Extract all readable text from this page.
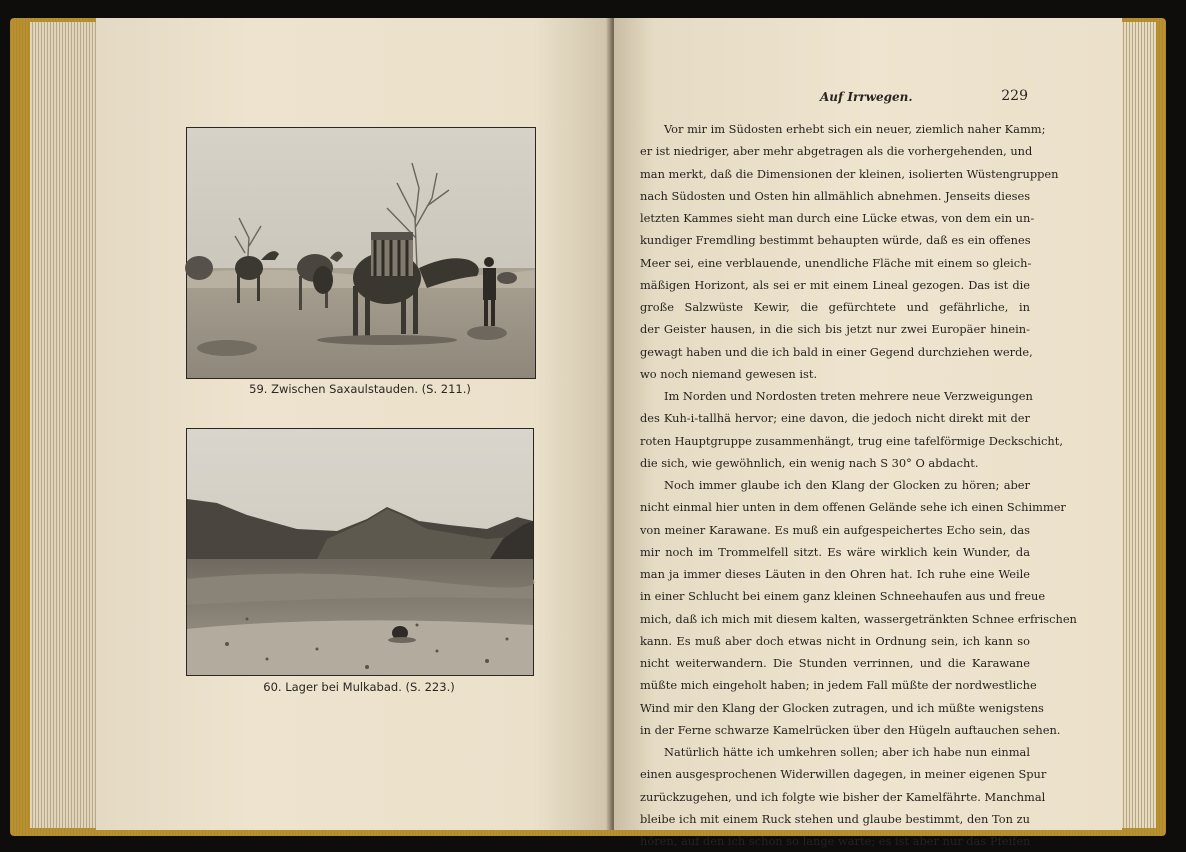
59. Zwischen Saxaulstauden. (S. 211.)
60. Lager bei Mulkabad. (S. 223.)
Auf Irrwegen.	229
Vor mir im Südosten erhebt sich ein neuer, ziemlich naher Kamm;
er ist niedriger, aber mehr abgetragen als die vorhergehenden, und
man merkt, daß die Dimensionen der kleinen, isolierten Wüstengruppen
nach Südosten und Osten hin allmählich abnehmen. Jenseits dieses
letzten Kammes sieht man durch eine Lücke etwas, von dem ein un-
kundiger Fremdling bestimmt behaupten würde, daß es ein offenes
Meer sei, eine verblauende, unendliche Fläche mit einem so gleich-
mäßigen Horizont, als sei er mit einem Lineal gezogen. Das ist die
große Salzwüste Kewir, die gefürchtete und gefährliche, in
der Geister hausen, in die sich bis jetzt nur zwei Europäer hinein-
gewagt haben und die ich bald in einer Gegend durchziehen werde,
wo noch niemand gewesen ist.
Im Norden und Nordosten treten mehrere neue Verzweigungen
des Kuh-i-tallhä hervor; eine davon, die jedoch nicht direkt mit der
roten Hauptgruppe zusammenhängt, trug eine tafelförmige Deckschicht,
die sich, wie gewöhnlich, ein wenig nach S 30° O abdacht.
Noch immer glaube ich den Klang der Glocken zu hören; aber
nicht einmal hier unten in dem offenen Gelände sehe ich einen Schimmer
von meiner Karawane. Es muß ein aufgespeichertes Echo sein, das
mir noch im Trommelfell sitzt. Es wäre wirklich kein Wunder, da
man ja immer dieses Läuten in den Ohren hat. Ich ruhe eine Weile
in einer Schlucht bei einem ganz kleinen Schneehaufen aus und freue
mich, daß ich mich mit diesem kalten, wassergetränkten Schnee erfrischen
kann. Es muß aber doch etwas nicht in Ordnung sein, ich kann so
nicht weiterwandern. Die Stunden verrinnen, und die Karawane
müßte mich eingeholt haben; in jedem Fall müßte der nordwestliche
Wind mir den Klang der Glocken zutragen, und ich müßte wenigstens
in der Ferne schwarze Kamelrücken über den Hügeln auftauchen sehen.
Natürlich hätte ich umkehren sollen; aber ich habe nun einmal
einen ausgesprochenen Widerwillen dagegen, in meiner eigenen Spur
zurückzugehen, und ich folgte wie bisher der Kamelfährte. Manchmal
bleibe ich mit einem Ruck stehen und glaube bestimmt, den Ton zu
hören, auf den ich schon so lange warte; es ist aber nur das Pfeifen
